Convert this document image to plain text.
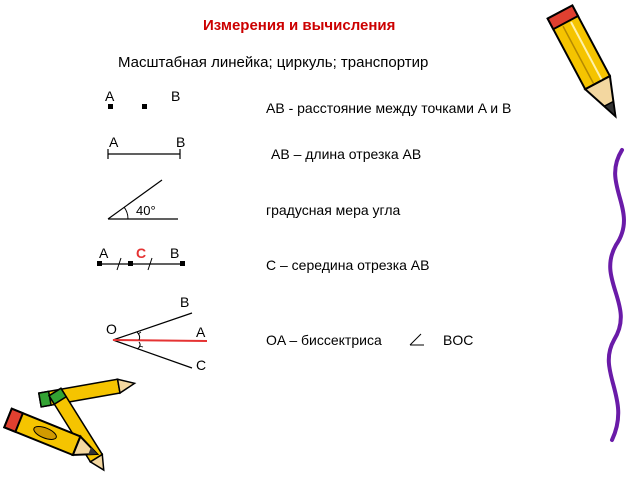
Измерения и вычисления
Масштабная линейка; циркуль; транспортир
A	B
A	B
40°
A C B
O	A
B
C
AB - расстояние между точками A и B
AB – длина отрезка AB
градусная мера угла
C – середина отрезка AB
OA – биссектриса	BOC
